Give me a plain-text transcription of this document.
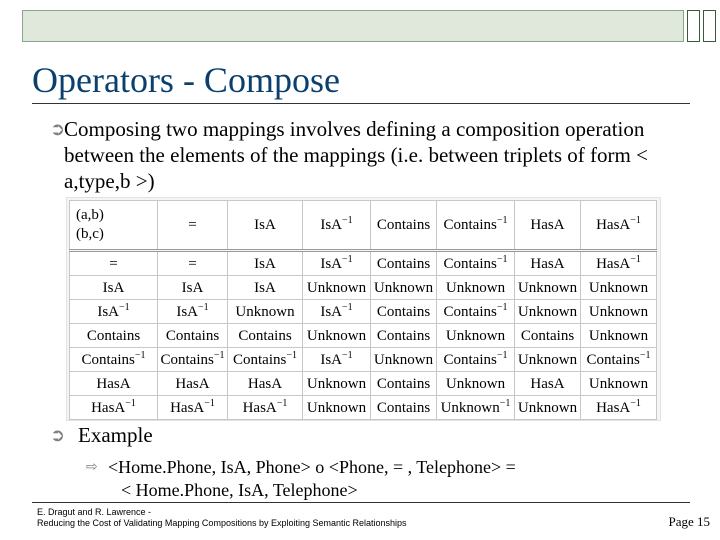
Operators - Compose
➲
Composing two mappings involves defining a composition operation between the elements of the mappings (i.e. between triplets of form < a,type,b >)
(a,b)
(b,c)	=	IsA	IsA$^{-1}$	Contains	Contains$^{-1}$	HasA	HasA$^{-1}$
=	=	IsA	IsA$^{-1}$	Contains	Contains$^{-1}$	HasA	HasA$^{-1}$
IsA	IsA	IsA	Unknown	Unknown	Unknown	Unknown	Unknown
IsA$^{-1}$	IsA$^{-1}$	Unknown	IsA$^{-1}$	Contains	Contains$^{-1}$	Unknown	Unknown
Contains	Contains	Contains	Unknown	Contains	Unknown	Contains	Unknown
Contains$^{-1}$	Contains$^{-1}$	Contains$^{-1}$	IsA$^{-1}$	Unknown	Contains$^{-1}$	Unknown	Contains$^{-1}$
HasA	HasA	HasA	Unknown	Contains	Unknown	HasA	Unknown
HasA$^{-1}$	HasA$^{-1}$	HasA$^{-1}$	Unknown	Contains	Unknown$^{-1}$	Unknown	HasA$^{-1}$
➲ Example
⇨ <Home.Phone, IsA, Phone> o <Phone, = , Telephone> =
< Home.Phone, IsA, Telephone>
E. Dragut and R. Lawrence -
Reducing the Cost of Validating Mapping Compositions by Exploiting Semantic Relationships	Page 15
